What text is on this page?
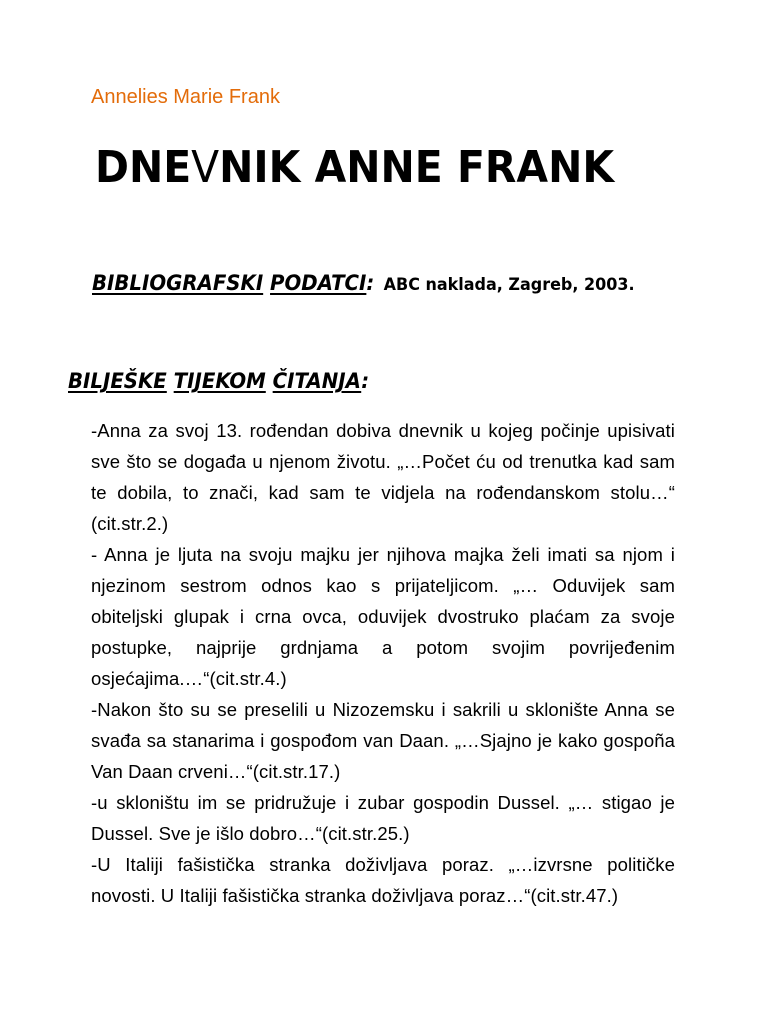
Annelies Marie Frank
DNEVNIK ANNE FRANK
BIBLIOGRAFSKI PODATCI: ABC naklada, Zagreb, 2003.
BILJEŠKE TIJEKOM ČITANJA:

-Anna za svoj 13. rođendan dobiva dnevnik u kojeg počinje upisivati sve što se događa u njenom životu. „…Počet ću od trenutka kad sam te dobila, to znači, kad sam te vidjela na rođendanskom stolu…“ (cit.str.2.)

- Anna je ljuta na svoju majku jer njihova majka želi imati sa njom i njezinom sestrom odnos kao s prijateljicom. „… Oduvijek sam obiteljski glupak i crna ovca, oduvijek dvostruko plaćam za svoje postupke, najprije grdnjama a potom svojim povrijeđenim osjećajima.…“(cit.str.4.)

-Nakon što su se preselili u Nizozemsku i sakrili u sklonište Anna se svađa sa stanarima i gospođom van Daan. „…Sjajno je kako gospoña Van Daan crveni…“(cit.str.17.)

-u skloništu im se pridružuje i zubar gospodin Dussel. „… stigao je Dussel. Sve je išlo dobro…“(cit.str.25.)

-U Italiji fašistička stranka doživljava poraz. „…izvrsne političke novosti. U Italiji fašistička stranka doživljava poraz…“(cit.str.47.)
